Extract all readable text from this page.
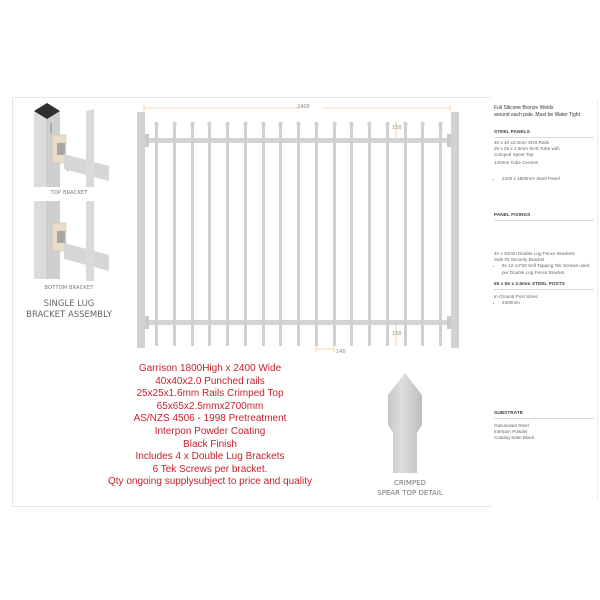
TOP BRACKET
BOTTOM BRACKET
SINGLE LUG
BRACKET ASSEMBLY
2400
150
150
140
Garrison 1800High x 2400 Wide
40x40x2.0 Punched rails
25x25x1.6mm Rails Crimped Top
65x65x2.5mmx2700mm
AS/NZS 4506 - 1998 Pretreatment
Interpon Powder Coating
Black Finish
Includes 4 x Double Lug Brackets
6 Tek Screws per bracket.
Qty ongoing supplysubject to price and quality	CRIMPED
SPEAR TOP DETAIL
Full Silicone Bronze Welds
around each pale. Must be Water Tight
STEEL PANELS
40 x 40 x2.0mm SHS Rails
25 x 25 x 1.6mm SHS Tube with
Crimped Spear Top
140mm Tube Centres
• 2400 x 1800mm Steel Panel
PANEL FIXINGS
40 x 40mm Double Lug Fence Brackets
Side Fit Security Bracket
• 6x 12-14*20 Self Tapping Tek Screws used per Double Lug Fence Bracket
65 x 65 x 2.5mm STEEL POSTS
In Ground Post Sizes:
• 2400mm
SUBSTRATE
Galvanised Steel
Interpon Powder
Coating Satin Black
